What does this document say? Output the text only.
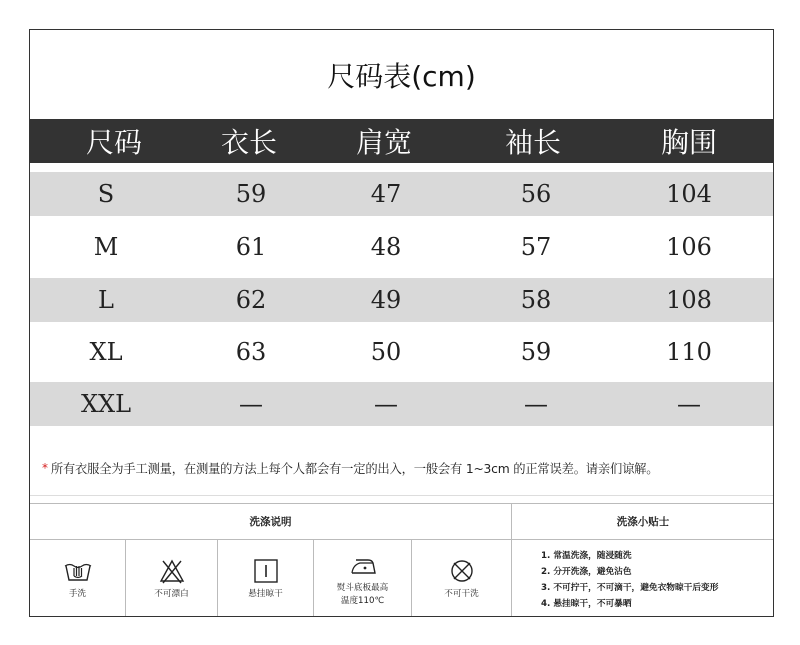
尺码表(cm)
尺码	衣长	肩宽	袖长	胸围
S	59	47	56	104
M	61	48	57	106
L	62	49	58	108
XL	63	50	59	110
XXL	—	—	—	—
* 所有衣服全为手工测量，在测量的方法上每个人都会有一定的出入，一般会有 1~3cm 的正常误差。请亲们谅解。
洗涤说明	洗涤小贴士
手洗	不可漂白	悬挂晾干
熨斗底板最高
温度110℃
不可干洗
1. 常温洗涤，随浸随洗
2. 分开洗涤，避免沾色
3. 不可拧干，不可滴干，避免衣物晾干后变形
4. 悬挂晾干，不可暴晒
